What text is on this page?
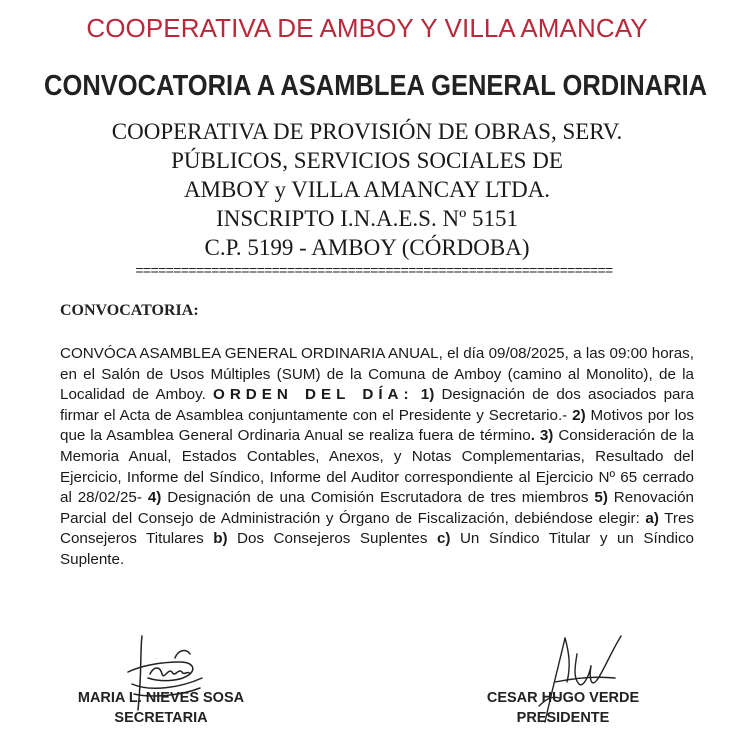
COOPERATIVA DE AMBOY Y VILLA AMANCAY
CONVOCATORIA A ASAMBLEA GENERAL ORDINARIA
COOPERATIVA DE PROVISIÓN DE OBRAS, SERV.
PÚBLICOS, SERVICIOS SOCIALES DE
AMBOY y VILLA AMANCAY LTDA.
INSCRIPTO I.N.A.E.S. Nº 5151
C.P. 5199 - AMBOY (CÓRDOBA)
===============================================================
CONVOCATORIA:
CONVÓCA ASAMBLEA GENERAL ORDINARIA ANUAL, el día 09/08/2025, a las 09:00 horas, en el Salón de Usos Múltiples (SUM) de la Comuna de Amboy (camino al Monolito), de la Localidad de Amboy. ORDEN DEL DÍA: 1) Designación de dos asociados para firmar el Acta de Asamblea conjuntamente con el Presidente y Secretario.- 2) Motivos por los que la Asamblea General Ordinaria Anual se realiza fuera de término. 3) Consideración de la Memoria Anual, Estados Contables, Anexos, y Notas Complementarias, Resultado del Ejercicio, Informe del Síndico, Informe del Auditor correspondiente al Ejercicio Nº 65 cerrado al 28/02/25- 4) Designación de una Comisión Escrutadora de tres miembros 5) Renovación Parcial del Consejo de Administración y Órgano de Fiscalización, debiéndose elegir: a) Tres Consejeros Titulares b) Dos Consejeros Suplentes c) Un Síndico Titular y un Síndico Suplente.
MARIA L. NIEVES SOSA
SECRETARIA
CESAR HUGO VERDE
PRESIDENTE
